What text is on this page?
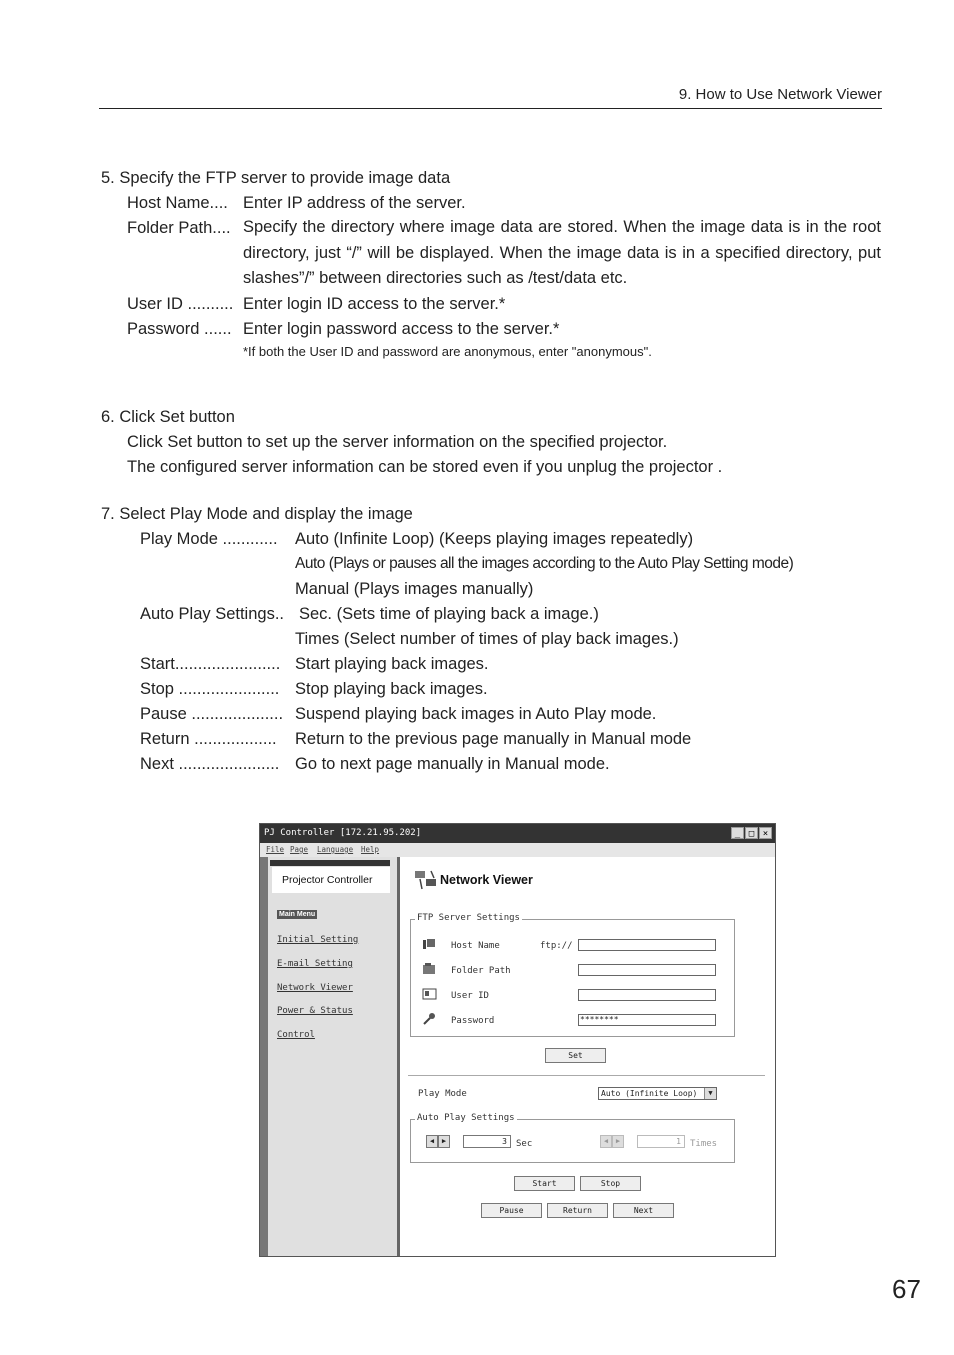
9. How to Use Network Viewer
5. Specify the FTP server to provide image data
Host Name.... Enter IP address of the server.
Folder Path.... Specify the directory where image data are stored. When the image data is in the root directory, just “/” will be displayed. When the image data is in a specified directory, put slashes”/” between directories such as /test/data etc.
User ID .......... Enter login ID access to the server.*
Password ...... Enter login password access to the server.*
*If both the User ID and password are anonymous, enter "anonymous".
6. Click Set button
Click Set button to set up the server information on the specified projector.
The configured server information can be stored even if you unplug the projector .
7. Select Play Mode and display the image
Play Mode ............ Auto (Infinite Loop) (Keeps playing images repeatedly)
Auto (Plays or pauses all the images according to the Auto Play Setting mode)
Manual (Plays images manually)
Auto Play Settings.. Sec. (Sets time of playing back a image.)
Times (Select number of times of play back images.)
Start....................... Start playing back images.
Stop ...................... Stop playing back images.
Pause .................... Suspend playing back images in Auto Play mode.
Return .................. Return to the previous page manually in Manual mode
Next ...................... Go to next page manually in Manual mode.
PJ Controller [172.21.95.202]	_ □ ×
File Page Language Help
Projector Controller
Main Menu
Initial Setting
E-mail Setting
Network Viewer
Power & Status
Control
Network Viewer
FTP Server Settings
Host Name	ftp://
Folder Path
User ID
Password	********
Set
Play Mode	Auto (Infinite Loop)	▼
Auto Play Settings
◀	▶	3	Sec	◀	▶	1	Times
Start	Stop
Pause	Return	Next
67
